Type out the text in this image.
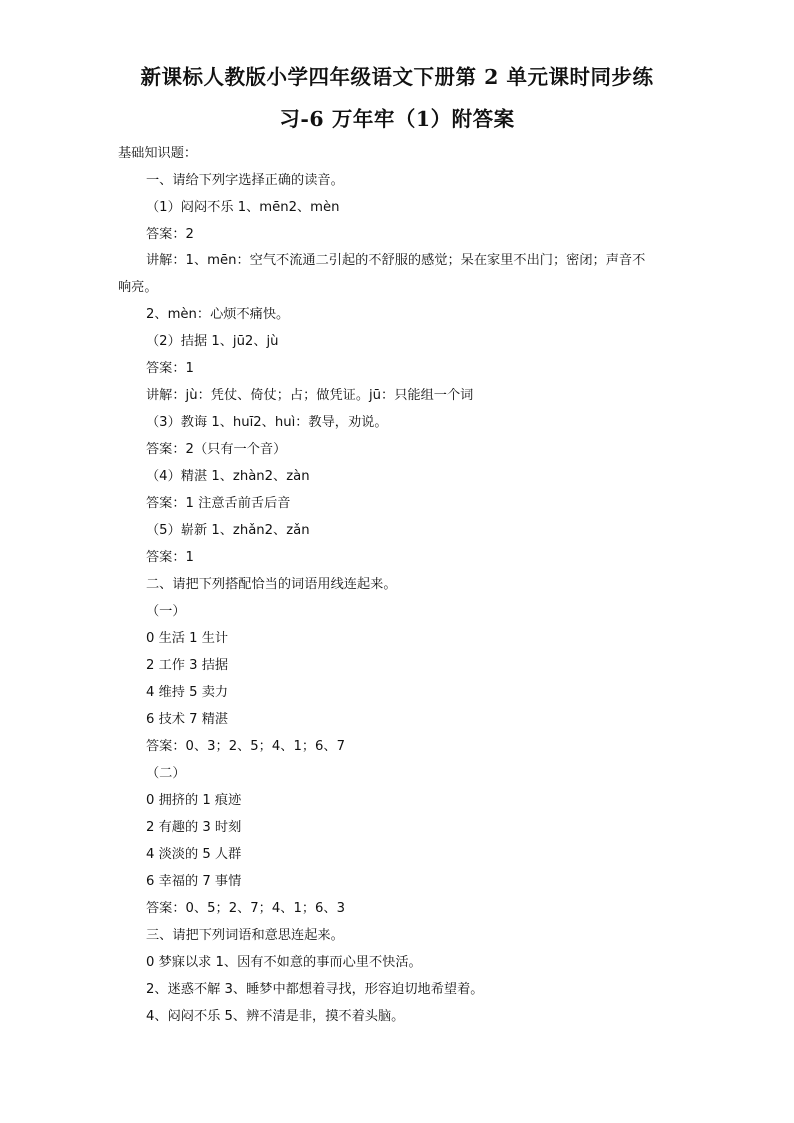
新课标人教版小学四年级语文下册第 2 单元课时同步练
习-6 万年牢（1）附答案
基础知识题：
一、请给下列字选择正确的读音。
（1）闷闷不乐 1、mēn2、mèn
答案：2
讲解：1、mēn：空气不流通二引起的不舒服的感觉；呆在家里不出门；密闭；声音不
响亮。
2、mèn：心烦不痛快。
（2）拮据 1、jū2、jù
答案：1
讲解：jù：凭仗、倚仗；占；做凭证。jū：只能组一个词
（3）教诲 1、huī2、huì：教导，劝说。
答案：2（只有一个音）
（4）精湛 1、zhàn2、zàn
答案：1 注意舌前舌后音
（5）崭新 1、zhǎn2、zǎn
答案：1
二、请把下列搭配恰当的词语用线连起来。
（一）
0 生活 1 生计
2 工作 3 拮据
4 维持 5 卖力
6 技术 7 精湛
答案：0、3；2、5；4、1；6、7
（二）
0 拥挤的 1 痕迹
2 有趣的 3 时刻
4 淡淡的 5 人群
6 幸福的 7 事情
答案：0、5；2、7；4、1；6、3
三、请把下列词语和意思连起来。
0 梦寐以求 1、因有不如意的事而心里不快活。
2、迷惑不解 3、睡梦中都想着寻找，形容迫切地希望着。
4、闷闷不乐 5、辨不清是非，摸不着头脑。
